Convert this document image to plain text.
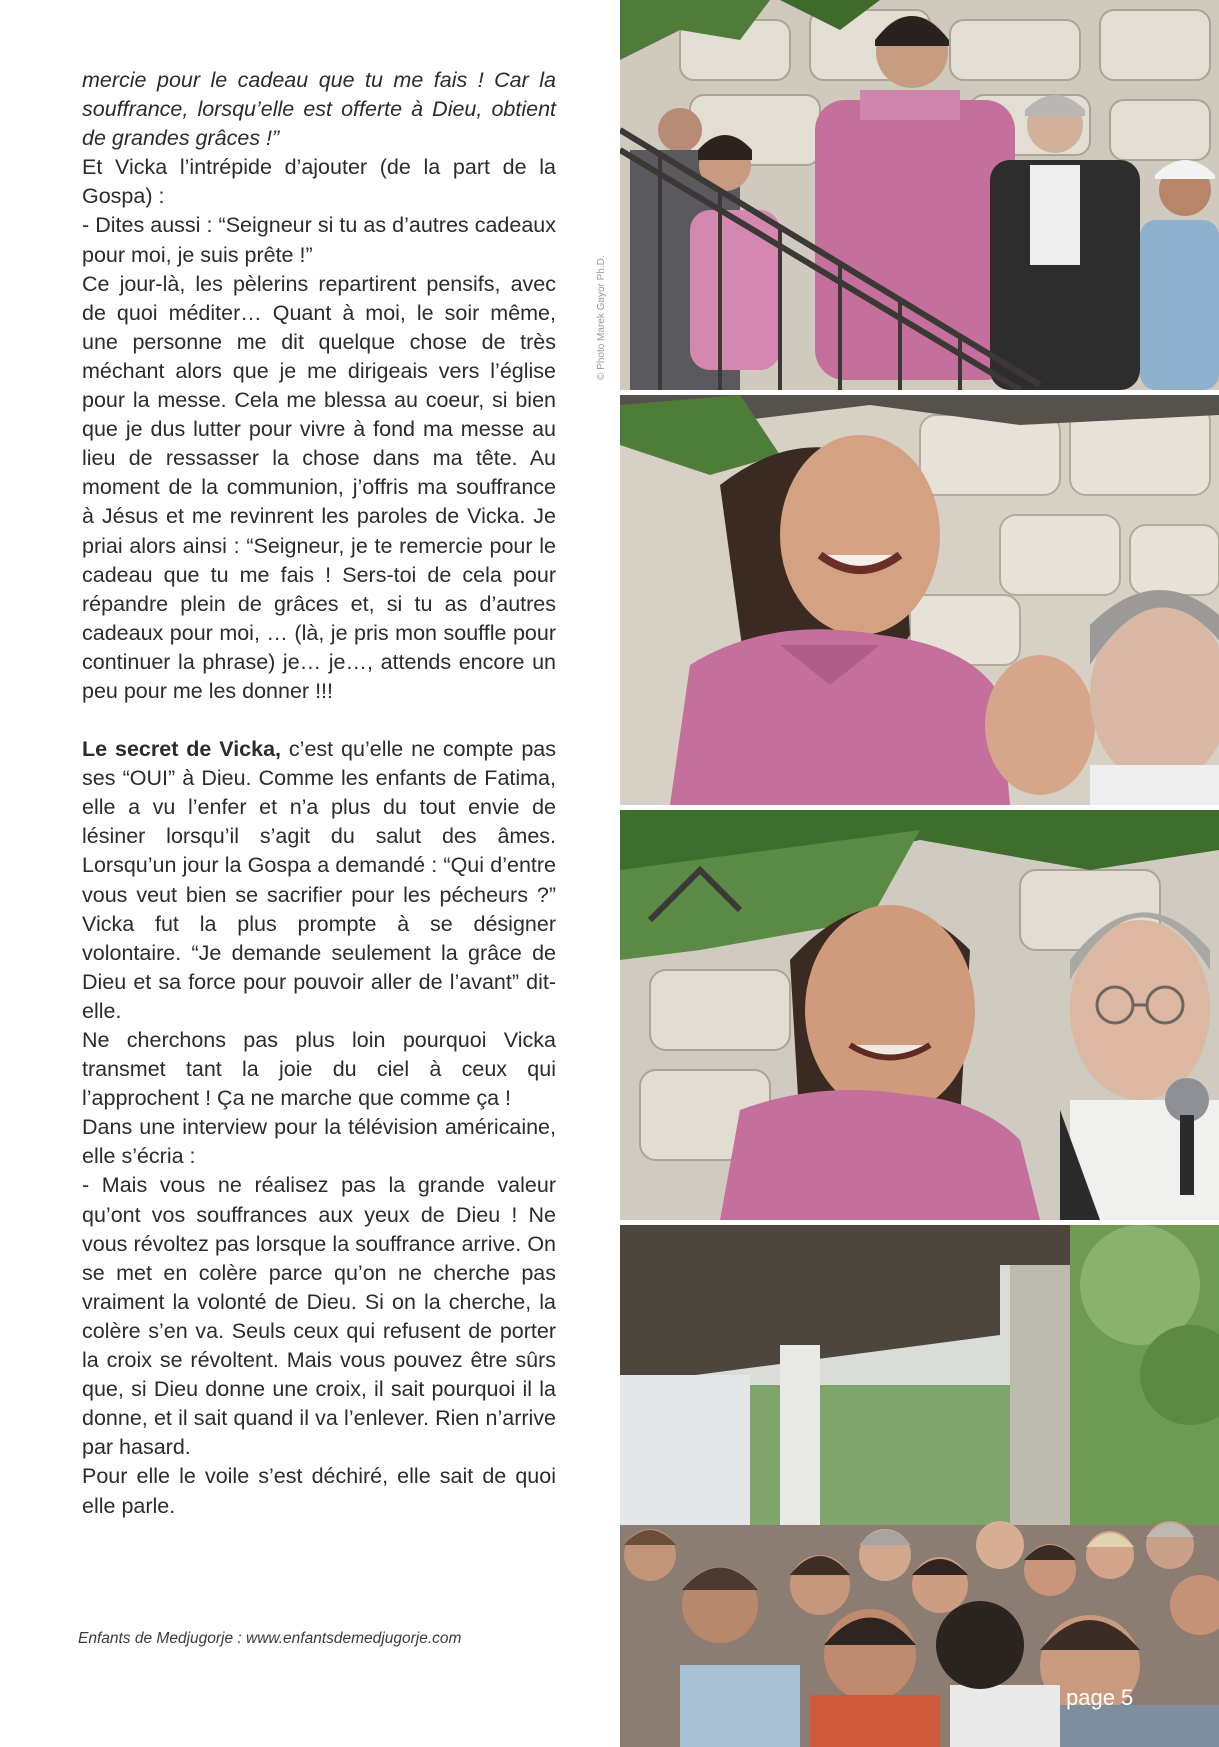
mercie pour le cadeau que tu me fais ! Car la souffrance, lorsqu’elle est offerte à Dieu, obtient de grandes grâces !”

Et Vicka l’intrépide d’ajouter (de la part de la Gospa) :

- Dites aussi : “Seigneur si tu as d’autres cadeaux pour moi, je suis prête !”

Ce jour-là, les pèlerins repartirent pensifs, avec de quoi méditer… Quant à moi, le soir même, une personne me dit quelque chose de très méchant alors que je me dirigeais vers l’église pour la messe. Cela me blessa au coeur, si bien que je dus lutter pour vivre à fond ma messe au lieu de ressasser la chose dans ma tête. Au moment de la communion, j’offris ma souffrance à Jésus et me revinrent les paroles de Vicka. Je priai alors ainsi : “Seigneur, je te remercie pour le cadeau que tu me fais ! Sers-toi de cela pour répandre plein de grâces et, si tu as d’autres cadeaux pour moi, … (là, je pris mon souffle pour continuer la phrase) je… je…, attends encore un peu pour me les donner !!!

Le secret de Vicka, c’est qu’elle ne compte pas ses “OUI” à Dieu. Comme les enfants de Fatima, elle a vu l’enfer et n’a plus du tout envie de lésiner lorsqu’il s’agit du salut des âmes. Lorsqu’un jour la Gospa a demandé : “Qui d’entre vous veut bien se sacrifier pour les pécheurs ?” Vicka fut la plus prompte à se désigner volontaire. “Je demande seulement la grâce de Dieu et sa force pour pouvoir aller de l’avant” dit-elle.

Ne cherchons pas plus loin pourquoi Vicka transmet tant la joie du ciel à ceux qui l’approchent ! Ça ne marche que comme ça !

Dans une interview pour la télévision américaine, elle s’écria :

- Mais vous ne réalisez pas la grande valeur qu’ont vos souffrances aux yeux de Dieu ! Ne vous révoltez pas lorsque la souffrance arrive. On se met en colère parce qu’on ne cherche pas vraiment la volonté de Dieu. Si on la cherche, la colère s’en va. Seuls ceux qui refusent de porter la croix se révoltent. Mais vous pouvez être sûrs que, si Dieu donne une croix, il sait pourquoi il la donne, et il sait quand il va l’enlever. Rien n’arrive par hasard.

Pour elle le voile s’est déchiré, elle sait de quoi elle parle.

Enfants de Medjugorje : www.enfantsdemedjugorje.com
© Photo Marek Gayor Ph.D.
page 5
